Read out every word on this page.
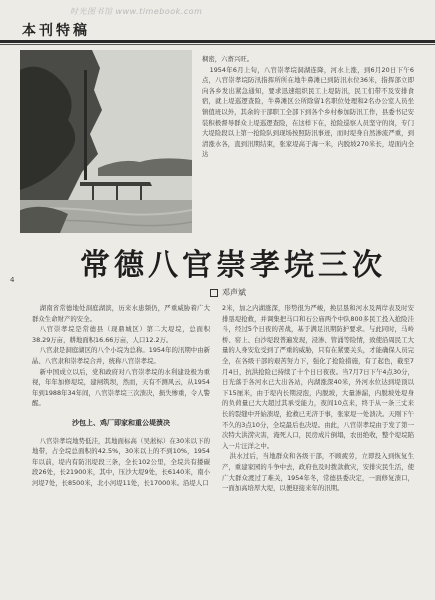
时光图书馆 www.timebook.com
本刊特稿

稠密，六畜兴旺。

1954年6月上旬，八官崇孝垸洞湖连降，河水上涨，到6月20日下午6点，八官崇孝垸防汛指挥所所在地牛鼻滩已到防汛水位36米，指挥部立即向各乡发出紧急通知，要求迅速组织民工上堤防汛，民工们带不及安排食宿，就上堤巡逻查险，牛鼻滩区公所除留1名职位处理和2名办公室人员坐镇值班以外，其余的干部职工全部下到各个乡村参加防汛工作，县委书记安装积极督导群众上堤巡逻查险，在这样下在，抢险巡察人员坚守的岗，专门大堤险段以上第一抢险队到现场按照防汛事迹，而时堤身自然渗流严重，到清涨水各，直到汛期结束，张家堤高于海一米，内脱坡270米长，堤面内全达

4 常德八官崇孝垸三次
邓声斌

湖南省常德地处洞庭湖滨，历来水患频仍，严重威胁着广大群众生命财产的安全。

八官崇孝垸是常德县（现鼎城区）第二大堤垸，总面积38.29万亩，耕地面积16.66万亩，人口12.2万。

八官隶是洞庭湖区的八个小垸为总称。1954年的汛期中由新晶、八官隶和崇孝垸合并，统称八官崇孝垸。

新中国成立以后，党和政府对八官崇孝垸的水利建设极为重视，年年加修堤垸，建闸筑坝，然而，天有不测风云，从1954年到1988年34年间，八官崇孝垸三次溃决，损失惨重，令人警醒。

沙包上、鸡厂即家和重公堤溃决

八官崇孝垸地势低洼，其地面标高（吴淞标）在30米以下的地带，占全垸总面积的42.5%，30米以上的不到10%，1954年以前，堤内有防汛堤段三条，全长102公里，全垸共有搂碳段26处，长21900米，其中，压沙大堤9处，长6140米，南小河堤7处，长8500米，北小河堤11处，长17000米。沿堤人口

2米，加之内湖涨深，形势很为严峻，换层垦和河水及两岸表及时安排垦堤抢救，并调集把马口和石公庙两个中队800多民工投入抢险洼斗，经过5个日夜的苦战，基于满足汛期防护要求。与此同时，马岭桥、窑上、白沙堤段普遍发现，浸渗、管涌等险情，致使沿周民工大量的人身安危受到了严重的威胁，只有在紧要关头，才能确保人员完全，在各级干部的艰苦努力下，强化了抢险措施，有了起色，截至7月4日，抗洪抢险已持续了十个日日夜夜。当7月7日下午4点30分，日光落于各河水已大出各站，内湖涨深40米，外河水位达到堤顶以下15厘米，由于堤内长期浸泡，内脱坡，大量渗漏，内脱坡处堤身的负荷量已大大超过其承受能力，夜间10点来，终于从一条三丈来长的裂缝中开始溃堤，抢救已无济于事，张家堤一处溃决。天刚下午不久的3点10分，全垸最后也决堤。由此，八官崇孝垸由于发了第一次特大洪涝灾害，淹死人口，民房成片倒塌，农田绝收，整个堤垸陷入一片汪洋之中。

洪水过后，当地群众和各级干部，不顾疲劳，立即投入到恢复生产，重建家园的斗争中去，政府也及时拨款救灾，安排灾民生活，使广大群众渡过了难关，1954年冬，常德县委决定，一面修复溃口，一面加高培厚大堤，以便迎接来年的汛期。
